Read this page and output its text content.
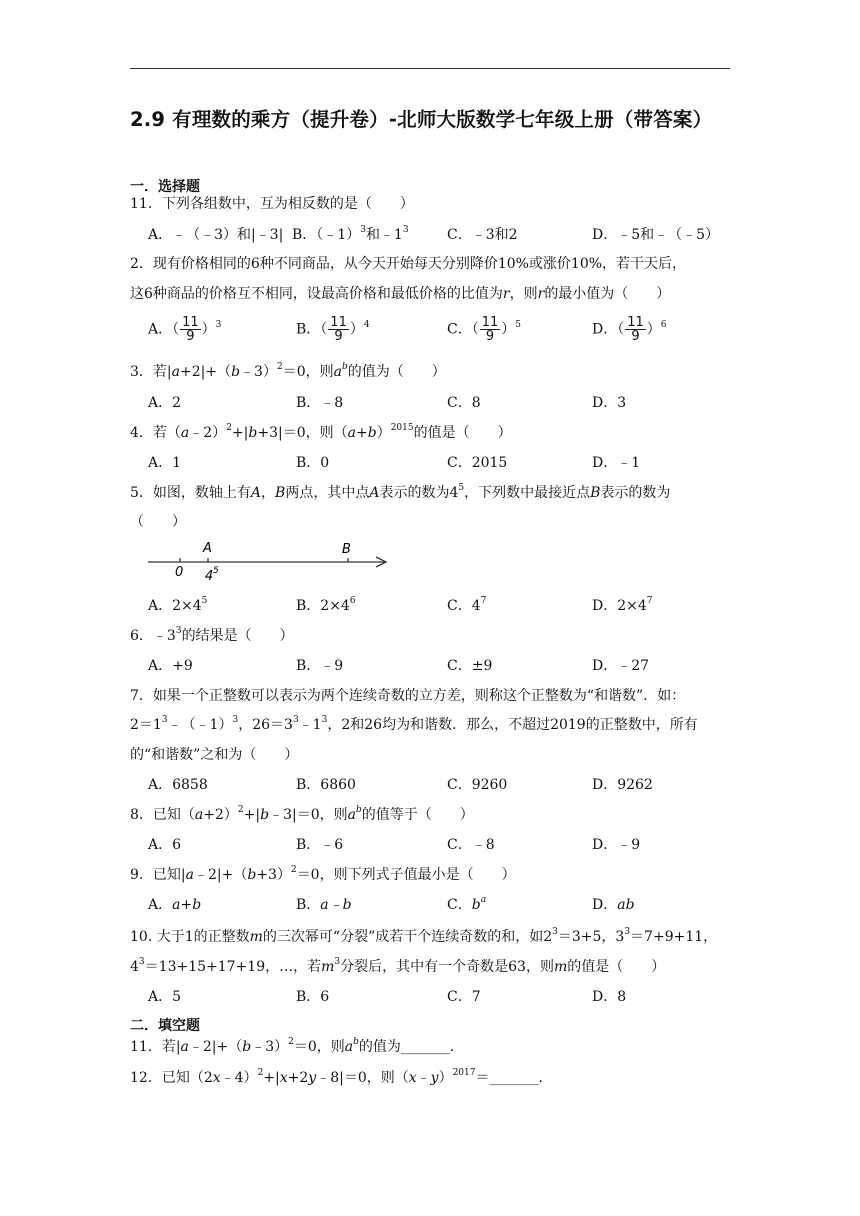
2.9 有理数的乘方（提升卷）-北师大版数学七年级上册（带答案）
一．选择题
11．下列各组数中，互为相反数的是（　　）
A．﹣（﹣3）和|﹣3| B．（﹣1）$^3$和$﹣1^3$	C．﹣3和2	D．﹣5和﹣（﹣5）
2．现有价格相同的6种不同商品，从今天开始每天分别降价10%或涨价10%，若干天后，
这6种商品的价格互不相同，设最高价格和最低价格的比值为r，则r的最小值为（　　）
A．（ $\frac{11}{9} )^3$	B．（ $\frac{11}{9} )^4$	C．（ $\frac{11}{9} )^5$	D．（ $\frac{11}{9} )^6$
3．若|a+2|+（b﹣3）$^2$＝0，则$a^b$的值为（　　）
A．2	B．﹣8	C．8	D．3
4．若（a﹣2）$^2$+|b+3|＝0，则$(a+b)^{2015}$的值是（　　）
A．1	B．0	C．2015	D．﹣1
5．如图，数轴上有A，B两点，其中点A表示的数为$4^5$，下列数中最接近点B表示的数为
（　　）
A	B
0 4 5
A．$2\times 4^5$	B．$2\times 4^6$	C．$4^7$	D．$2\times 4^7$
6．$﹣3^3$的结果是（　　）
A．+9	B．﹣9	C．±9	D．﹣27
7．如果一个正整数可以表示为两个连续奇数的立方差，则称这个正整数为“和谐数”．如：
$2=1^3﹣(﹣1)^3$，$26=3^3﹣1^3$，2和26均为和谐数．那么，不超过2019的正整数中，所有
的“和谐数”之和为（　　）
A．6858	B．6860	C．9260	D．9262
8．已知$(a+2)^2+|b﹣3|=0$，则$a^b$的值等于（　　）
A．6	B．﹣6	C．﹣8	D．﹣9
9．已知$|a﹣2|+(b+3)^2=0$，则下列式子值最小是（　　）
A．a+b	B．a﹣b	C．$b^a$	D．ab
10. 大于1的正整数m的三次幂可“分裂”成若干个连续奇数的和，如$2^3=3+5$，$3^3=7+9+11$，
$4^3=13+15+17+19$，…，若$m^3$分裂后，其中有一个奇数是63，则m的值是（　　）
A．5	B．6	C．7	D．8
二．填空题
11．若|a﹣2|+（b﹣3）$^2$＝0，则$a^b$的值为_______．
12．已知（2x﹣4）$^2$+|x+2y﹣8|＝0，则（x﹣y）$^{2017}$＝_______．
